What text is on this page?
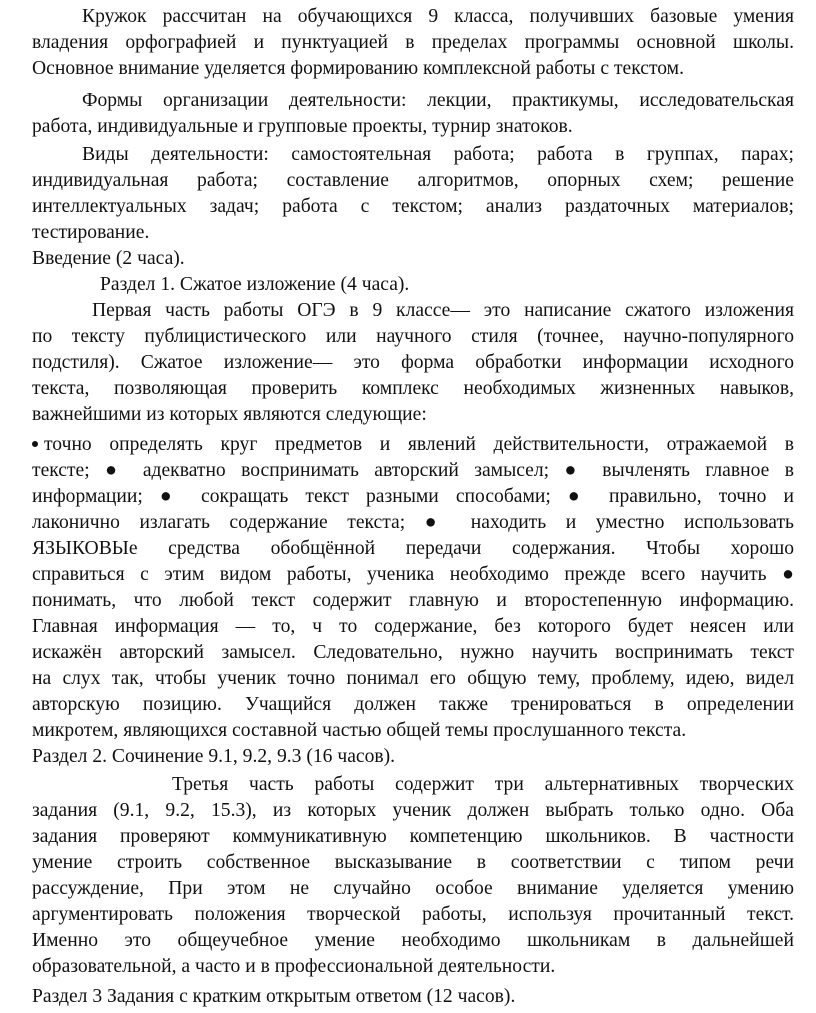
Кружок рассчитан на обучающихся 9 класса, получивших базовые умения
владения орфографией и пунктуацией в пределах программы основной школы.
Основное внимание уделяется формированию комплексной работы с текстом.
Формы организации деятельности: лекции, практикумы, исследовательская
работа, индивидуальные и групповые проекты, турнир знатоков.
Виды деятельности: самостоятельная работа; работа в группах, парах;
индивидуальная работа; составление алгоритмов, опорных схем; решение
интеллектуальных задач; работа с текстом; анализ раздаточных материалов;
тестирование.
Введение (2 часа).
Раздел 1. Сжатое изложение (4 часа).
Первая часть работы ОГЭ в 9 классе— это написание сжатого изложения
по тексту публицистического или научного стиля (точнее, научно-популярного
подстиля). Сжатое изложение— это форма обработки информации исходного
текста, позволяющая проверить комплекс необходимых жизненных навыков,
важнейшими из которых являются следующие:
точно определять круг предметов и явлений действительности, отражаемой в
тексте; ● адекватно воспринимать авторский замысел; ● вычленять главное в
информации; ● сокращать текст разными способами; ● правильно, точно и
лаконично излагать содержание текста; ● находить и уместно использовать
ЯЗЫКОВЫе средства обобщённой передачи содержания. Чтобы хорошо
справиться с этим видом работы, ученика необходимо прежде всего научить ●
понимать, что любой текст содержит главную и второстепенную информацию.
Главная информация — то, ч то содержание, без которого будет неясен или
искажён авторский замысел. Следовательно, нужно научить воспринимать текст
на слух так, чтобы ученик точно понимал его общую тему, проблему, идею, видел
авторскую позицию. Учащийся должен также тренироваться в определении
микротем, являющихся составной частью общей темы прослушанного текста.
Раздел 2. Сочинение 9.1, 9.2, 9.3 (16 часов).
Третья часть работы содержит три альтернативных творческих
задания (9.1, 9.2, 15.3), из которых ученик должен выбрать только одно. Оба
задания проверяют коммуникативную компетенцию школьников. В частности
умение строить собственное высказывание в соответствии с типом речи
рассуждение, При этом не случайно особое внимание уделяется умению
аргументировать положения творческой работы, используя прочитанный текст.
Именно это общеучебное умение необходимо школьникам в дальнейшей
образовательной, а часто и в профессиональной деятельности.
Раздел 3 Задания с кратким открытым ответом (12 часов).
